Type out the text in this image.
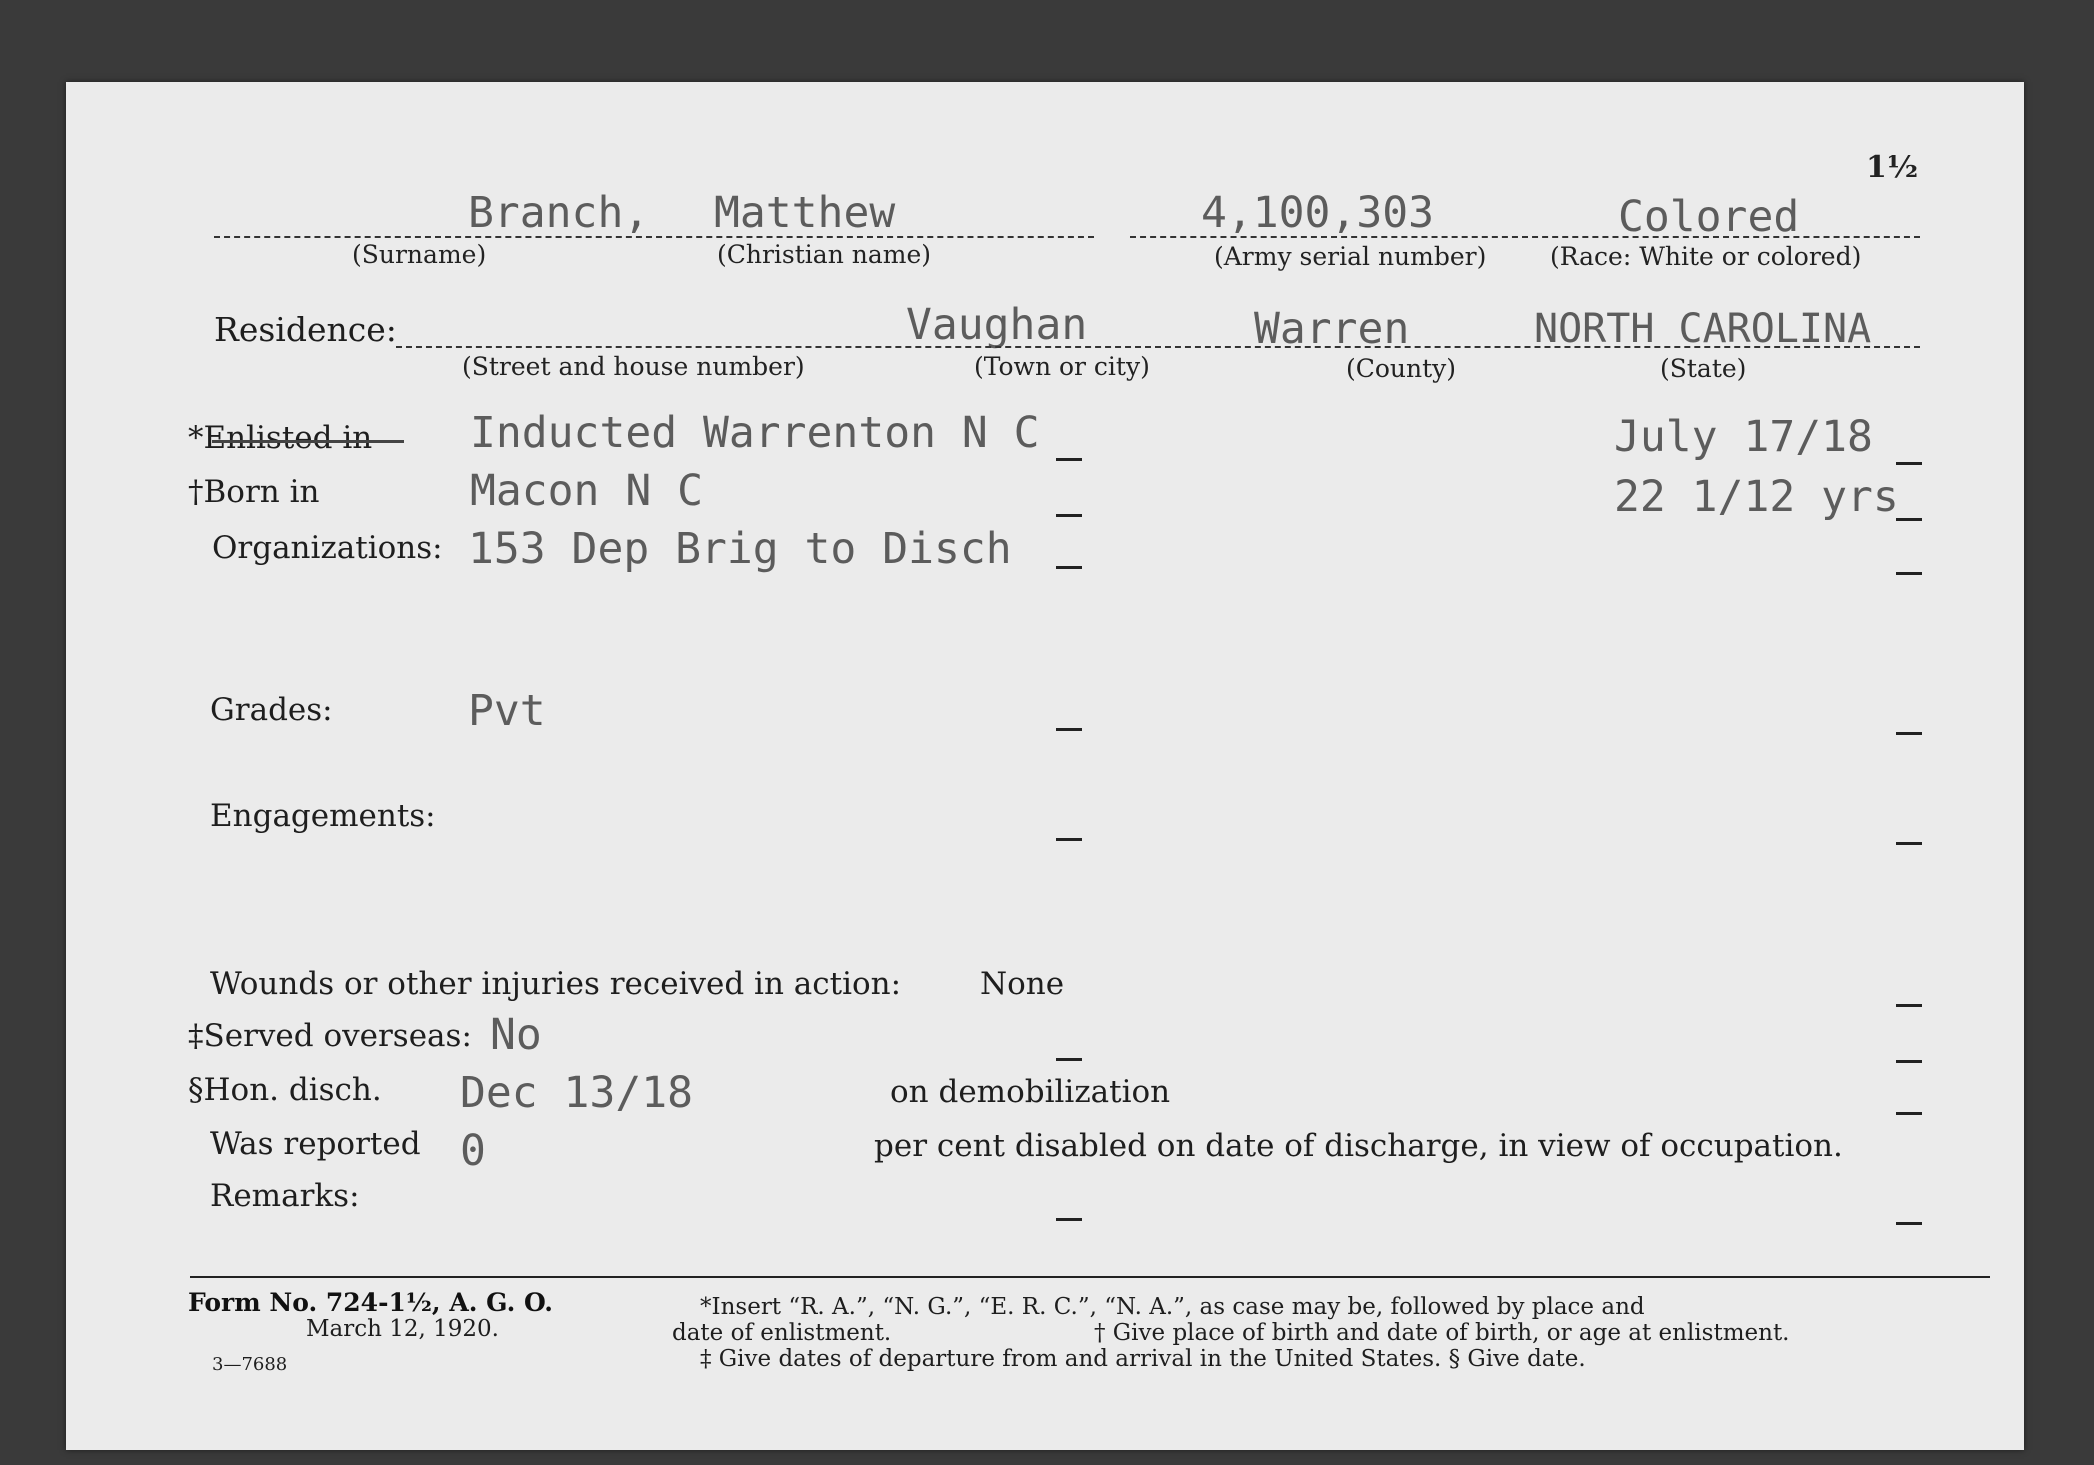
1½
Branch, Matthew	4,100,303	Colored
(Surname)	(Christian name)	(Army serial number)	(Race: White or colored)
Residence:	Vaughan	Warren	NORTH CAROLINA
(Street and house number)	(Town or city)	(County)	(State)
*Enlisted in Inducted Warrenton N C	July 17/18
†Born in	Macon N C	22 1/12 yrs
Organizations: 153 Dep Brig to Disch
Grades:	Pvt
Engagements:
Wounds or other injuries received in action:	None
‡Served overseas: No
§Hon. disch. Dec 13/18	on demobilization
Was reported 0	per cent disabled on date of discharge, in view of occupation.
Remarks:
Form No. 724-1½, A. G. O.
March 12, 1920.
3—7688
*Insert “R. A.”, “N. G.”, “E. R. C.”, “N. A.”, as case may be, followed by place and
date of enlistment.	† Give place of birth and date of birth, or age at enlistment.
‡ Give dates of departure from and arrival in the United States. § Give date.
